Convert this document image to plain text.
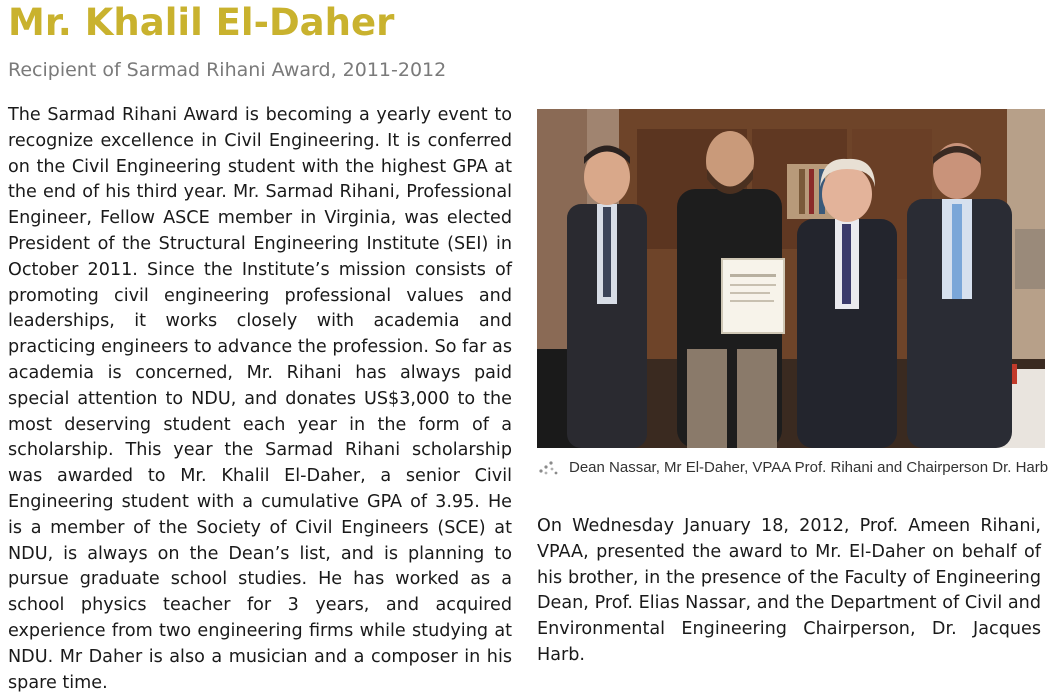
Mr. Khalil El-Daher
Recipient of Sarmad Rihani Award, 2011-2012

The Sarmad Rihani Award is becoming a yearly event to recognize excellence in Civil Engineering. It is conferred on the Civil Engineering student with the highest GPA at the end of his third year. Mr. Sarmad Rihani, Professional Engineer, Fellow ASCE member in Virginia, was elected President of the Structural Engineering Institute (SEI) in October 2011. Since the Institute’s mission consists of promoting civil engineering professional values and leaderships, it works closely with academia and practicing engineers to advance the profession. So far as academia is concerned, Mr. Rihani has always paid special attention to NDU, and donates US$3,000 to the most deserving student each year in the form of a scholarship. This year the Sarmad Rihani scholarship was awarded to Mr. Khalil El-Daher, a senior Civil Engineering student with a cumulative GPA of 3.95. He is a member of the Society of Civil Engineers (SCE) at NDU, is always on the Dean’s list, and is planning to pursue graduate school studies. He has worked as a school physics teacher for 3 years, and acquired experience from two engineering firms while studying at NDU. Mr Daher is also a musician and a composer in his spare time.

Dean Nassar, Mr El-Daher, VPAA Prof. Rihani and Chairperson Dr. Harb

On Wednesday January 18, 2012, Prof. Ameen Rihani, VPAA, presented the award to Mr. El-Daher on behalf of his brother, in the presence of the Faculty of Engineering Dean, Prof. Elias Nassar, and the Department of Civil and Environmental Engineering Chairperson, Dr. Jacques Harb.
